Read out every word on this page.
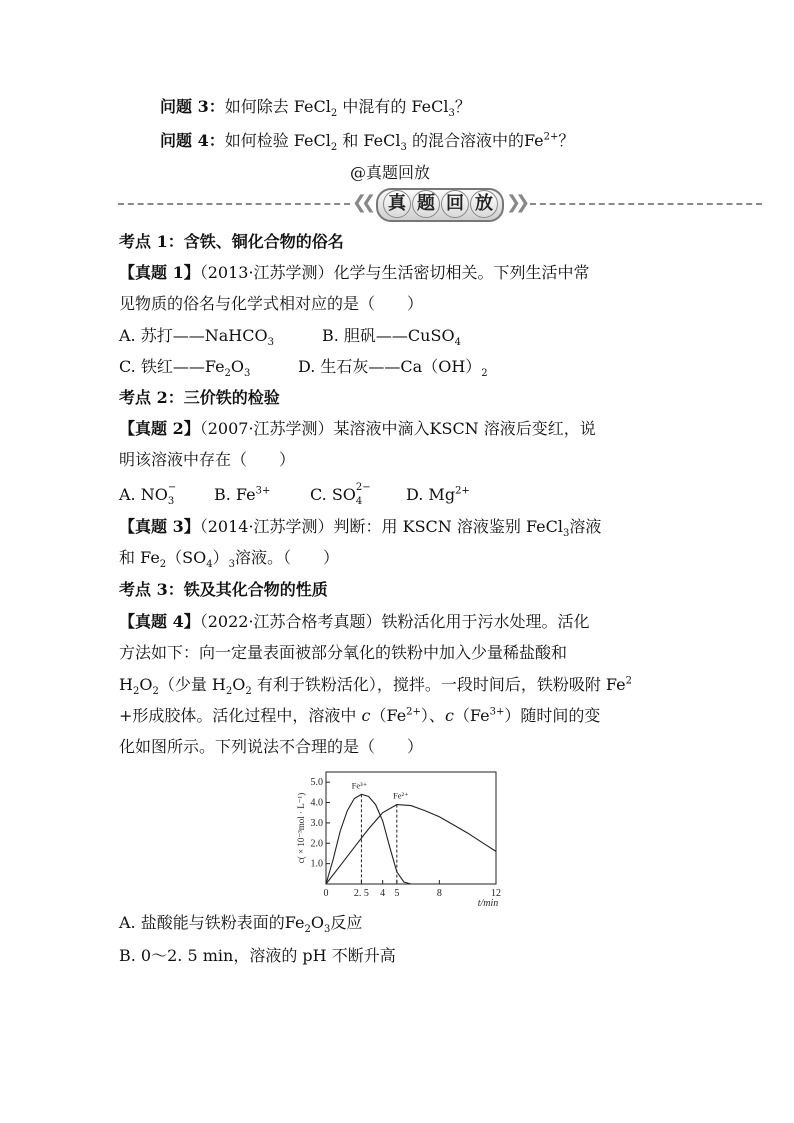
问题 3：如何除去 FeCl$_2$ 中混有的 FeCl$_3$？
问题 4：如何检验 FeCl$_2$ 和 FeCl$_3$ 的混合溶液中的$Fe^{2+}$？
@真题回放
❮❮ 真 题 回 放 ❯❯
考点 1：含铁、铜化合物的俗名
【真题 1】（2013·江苏学测）化学与生活密切相关。下列生活中常
见物质的俗名与化学式相对应的是（　　）
A. 苏打——NaHCO$_3$	B. 胆矾——CuSO$_4$
C. 铁红$——Fe_2O_3$	D. 生石灰$——Ca(OH)_2$
考点 2：三价铁的检验
【真题 2】（2007·江苏学测）某溶液中滴入KSCN 溶液后变红，说
明该溶液中存在（　　）
A. NO −
3 B. $Fe^{3+}$ C. SO 2−
4	D. $Mg^{2+}$
【真题 3】（2014·江苏学测）判断：用 KSCN 溶液鉴别 FeCl$_3$溶液
和 $Fe_2(SO_4)_3$溶液。（　　）
考点 3：铁及其化合物的性质
【真题 4】（2022·江苏合格考真题）铁粉活化用于污水处理。活化
方法如下：向一定量表面被部分氧化的铁粉中加入少量稀盐酸和
$H_2O_2$（少量 $H_2O_2$ 有利于铁粉活化），搅拌。一段时间后，铁粉吸附 $Fe^2$
+形成胶体。活化过程中，溶液中 $c(Fe^{2+})$、$c(Fe^{3+})$随时间的变
化如图所示。下列说法不合理的是（　　）
1.0
2.0
3.0
4.0
5.0
0	2. 5 4 5	8	12
t/min
c( × 10⁻³mol · L⁻¹)
Fe³⁺
Fe²⁺
A. 盐酸能与铁粉表面的$Fe_2O_3$反应
B. 0～2. 5 min，溶液的 pH 不断升高
